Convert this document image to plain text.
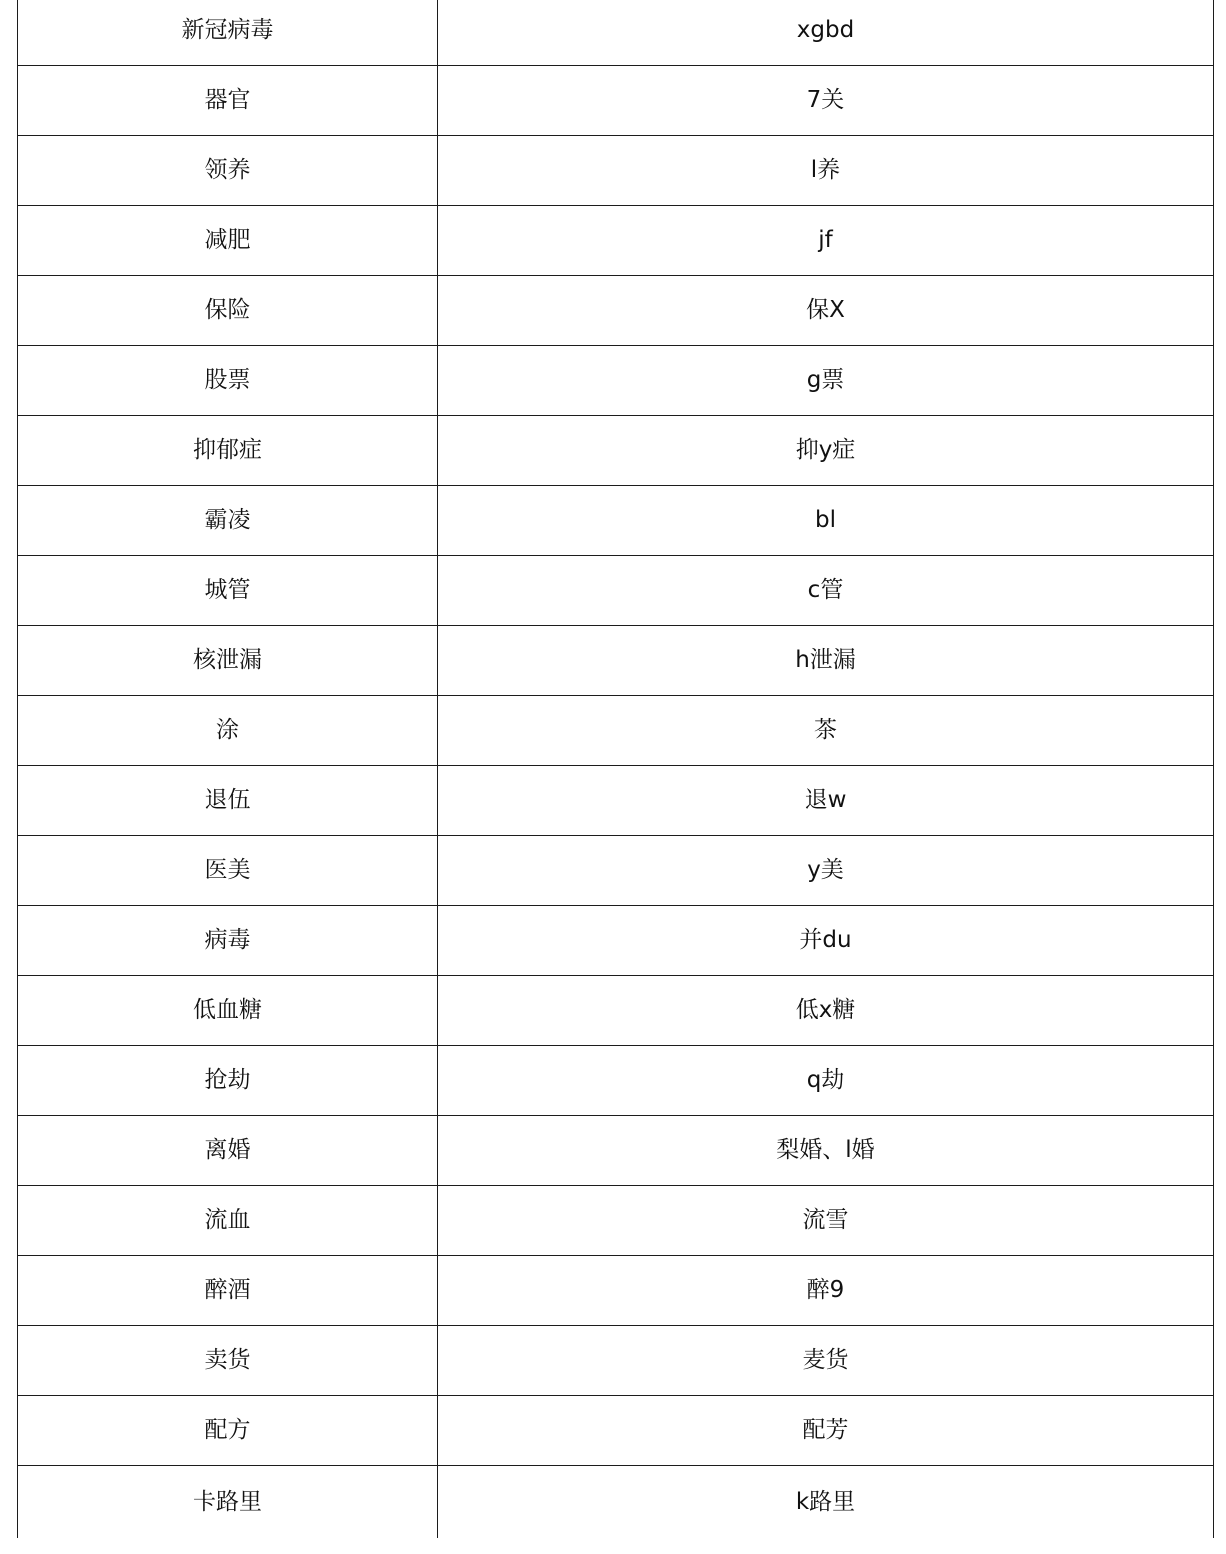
新冠病毒	xgbd
器官	7关
领养	l养
减肥	jf
保险	保X
股票	g票
抑郁症	抑y症
霸凌	bl
城管	c管
核泄漏	h泄漏
涂	茶
退伍	退w
医美	y美
病毒	并du
低血糖	低x糖
抢劫	q劫
离婚	梨婚、l婚
流血	流雪
醉酒	醉9
卖货	麦货
配方	配芳
卡路里	k路里
